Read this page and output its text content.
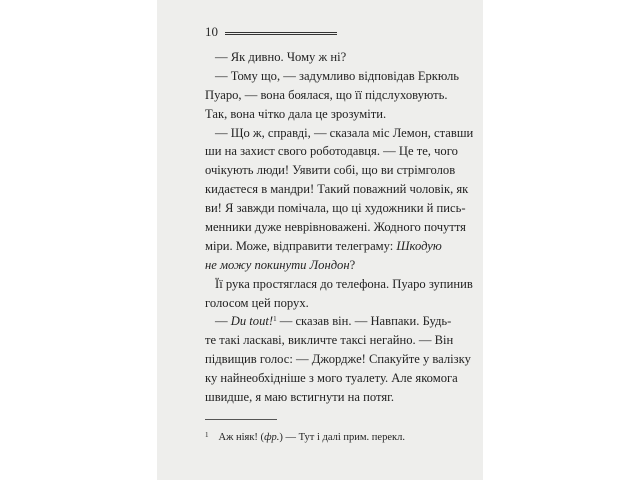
10
— Як дивно. Чому ж ні?
— Тому що, — задумливо відповідав Еркюль
Пуаро, — вона боялася, що її підслуховують.
Так, вона чітко дала це зрозуміти.
— Що ж, справді, — сказала міс Лемон, ставши
ши на захист свого роботодавця. — Це те, чого
очікують люди! Уявити собі, що ви стрімголов
кидаєтеся в мандри! Такий поважний чоловік, як
ви! Я завжди помічала, що ці художники й пись-
менники дуже неврівноважені. Жодного почуття
міри. Може, відправити телеграму: Шкодую
не можу покинути Лондон?
Її рука простяглася до телефона. Пуаро зупинив
голосом цей порух.
— Du tout!$^1$ — сказав він. — Навпаки. Будь-
те такі ласкаві, викличте таксі негайно. — Він
підвищив голос: — Джордже! Спакуйте у валізку
ку найнеобхідніше з мого туалету. Але якомога
швидше, я маю встигнути на потяг.
$^1$ Аж ніяк! (фр.) — Тут і далі прим. перекл.
